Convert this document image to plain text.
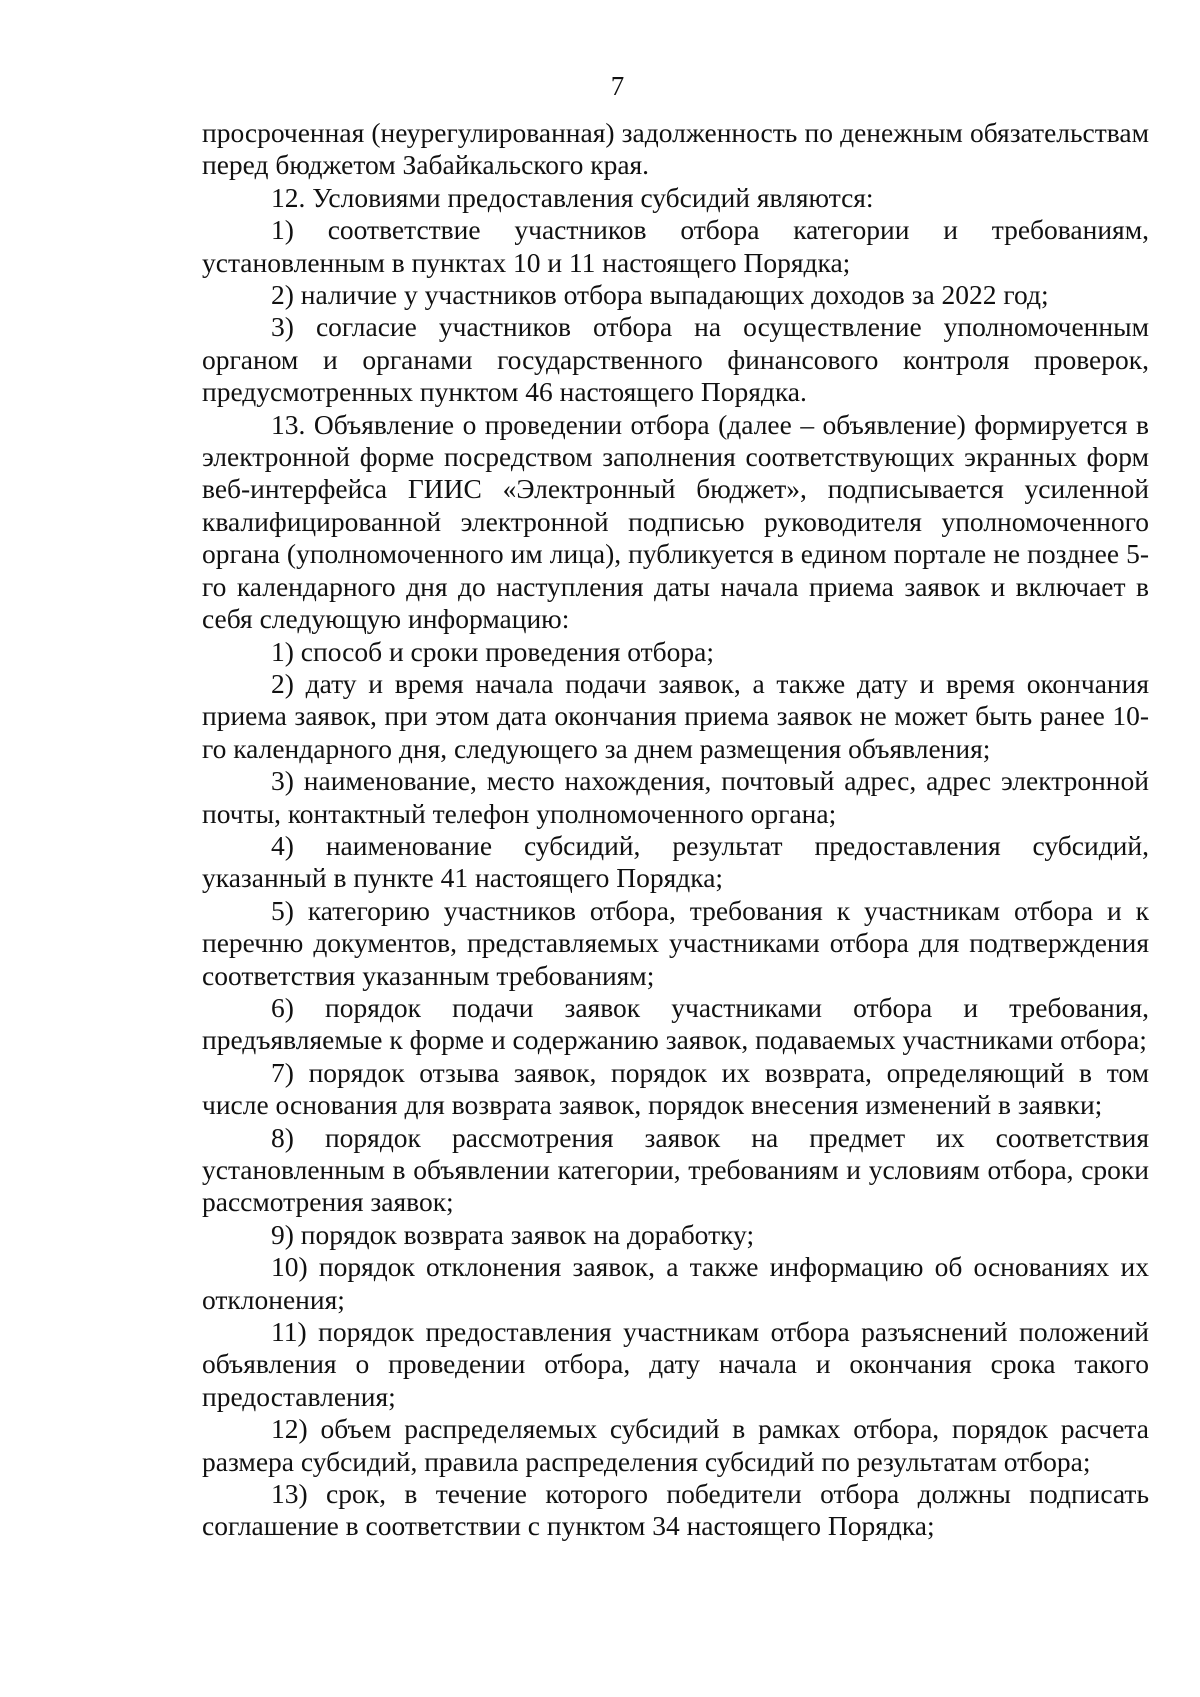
7

просроченная (неурегулированная) задолженность по денежным обязательствам перед бюджетом Забайкальского края.

12. Условиями предоставления субсидий являются:

1) соответствие участников отбора категории и требованиям, установленным в пунктах 10 и 11 настоящего Порядка;

2) наличие у участников отбора выпадающих доходов за 2022 год;

3) согласие участников отбора на осуществление уполномоченным органом и органами государственного финансового контроля проверок, предусмотренных пунктом 46 настоящего Порядка.

13. Объявление о проведении отбора (далее – объявление) формируется в электронной форме посредством заполнения соответствующих экранных форм веб-интерфейса ГИИС «Электронный бюджет», подписывается усиленной квалифицированной электронной подписью руководителя уполномоченного органа (уполномоченного им лица), публикуется в едином портале не позднее 5-го календарного дня до наступления даты начала приема заявок и включает в себя следующую информацию:

1) способ и сроки проведения отбора;

2) дату и время начала подачи заявок, а также дату и время окончания приема заявок, при этом дата окончания приема заявок не может быть ранее 10-го календарного дня, следующего за днем размещения объявления;

3) наименование, место нахождения, почтовый адрес, адрес электронной почты, контактный телефон уполномоченного органа;

4) наименование субсидий, результат предоставления субсидий, указанный в пункте 41 настоящего Порядка;

5) категорию участников отбора, требования к участникам отбора и к перечню документов, представляемых участниками отбора для подтверждения соответствия указанным требованиям;

6) порядок подачи заявок участниками отбора и требования, предъявляемые к форме и содержанию заявок, подаваемых участниками отбора;

7) порядок отзыва заявок, порядок их возврата, определяющий в том числе основания для возврата заявок, порядок внесения изменений в заявки;

8) порядок рассмотрения заявок на предмет их соответствия установленным в объявлении категории, требованиям и условиям отбора, сроки рассмотрения заявок;

9) порядок возврата заявок на доработку;

10) порядок отклонения заявок, а также информацию об основаниях их отклонения;

11) порядок предоставления участникам отбора разъяснений положений объявления о проведении отбора, дату начала и окончания срока такого предоставления;

12) объем распределяемых субсидий в рамках отбора, порядок расчета размера субсидий, правила распределения субсидий по результатам отбора;

13) срок, в течение которого победители отбора должны подписать соглашение в соответствии с пунктом 34 настоящего Порядка;
